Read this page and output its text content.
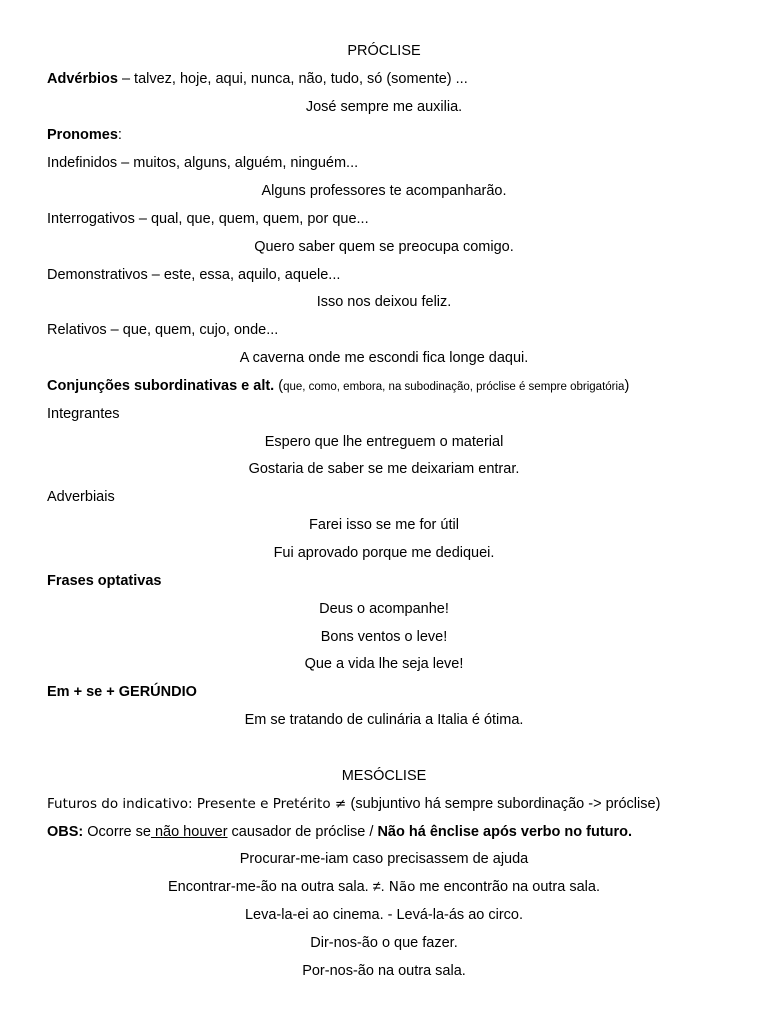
PRÓCLISE
Advérbios – talvez, hoje, aqui, nunca, não, tudo, só (somente) ...
José sempre me auxilia.
Pronomes:
Indefinidos – muitos, alguns, alguém, ninguém...
Alguns professores te acompanharão.
Interrogativos – qual, que, quem, quem, por que...
Quero saber quem se preocupa comigo.
Demonstrativos – este, essa, aquilo, aquele...
Isso nos deixou feliz.
Relativos – que, quem, cujo, onde...
A caverna onde me escondi fica longe daqui.
Conjunções subordinativas e alt. (que, como, embora, na subodinação, próclise é sempre obrigatória)
Integrantes
Espero que lhe entreguem o material
Gostaria de saber se me deixariam entrar.
Adverbiais
Farei isso se me for útil
Fui aprovado porque me dediquei.
Frases optativas
Deus o acompanhe!
Bons ventos o leve!
Que a vida lhe seja leve!
Em + se + GERÚNDIO
Em se tratando de culinária a Italia é ótima.
MESÓCLISE
Futuros do indicativo: Presente e Pretérito ≠ (subjuntivo há sempre subordinação -> próclise)
OBS: Ocorre se não houver causador de próclise / Não há ênclise após verbo no futuro.
Procurar-me-iam caso precisassem de ajuda
Encontrar-me-ão na outra sala. ≠. Não me encontrão na outra sala.
Leva-la-ei ao cinema. - Levá-la-ás ao circo.
Dir-nos-ão o que fazer.
Por-nos-ão na outra sala.
